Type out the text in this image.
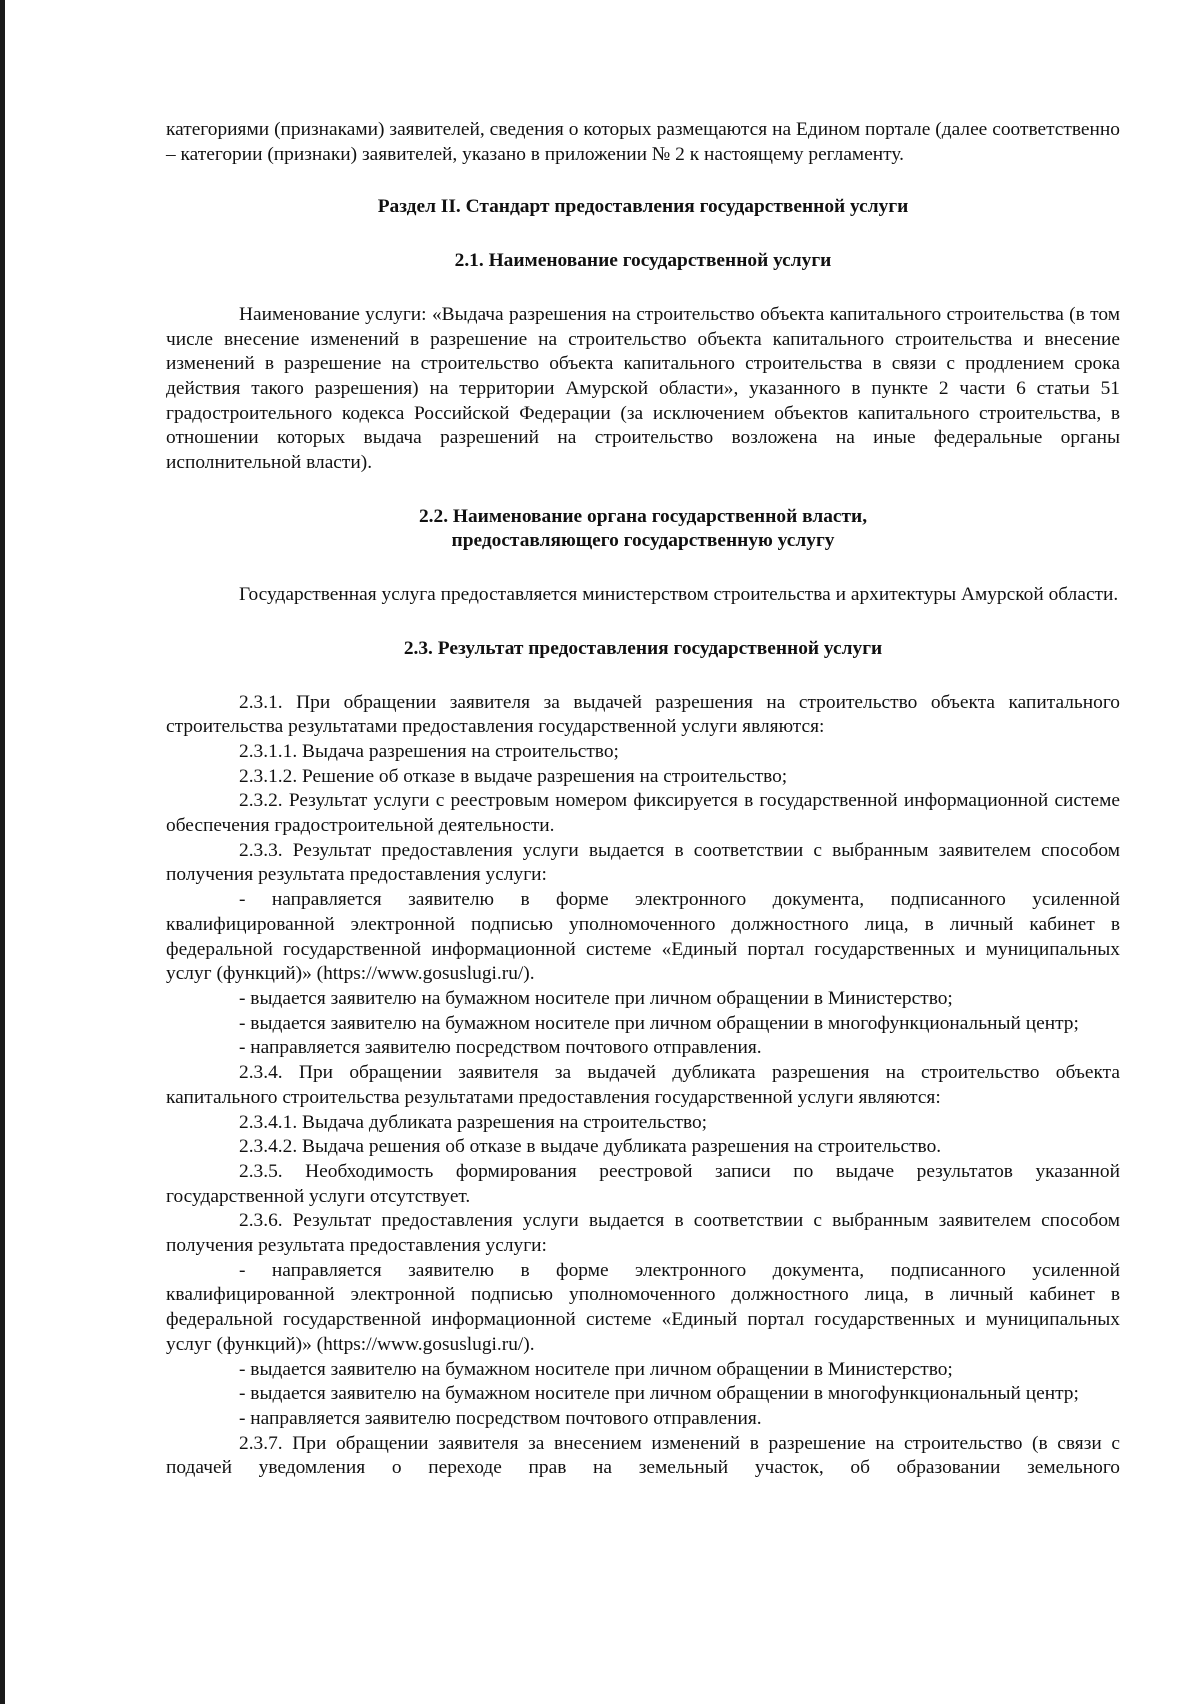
категориями (признаками) заявителей, сведения о которых размещаются на Едином портале (далее соответственно – категории (признаки) заявителей, указано в приложении № 2 к настоящему регламенту.

Раздел II. Стандарт предоставления государственной услуги
2.1. Наименование государственной услуги

Наименование услуги: «Выдача разрешения на строительство объекта капитального строительства (в том числе внесение изменений в разрешение на строительство объекта капитального строительства и внесение изменений в разрешение на строительство объекта капитального строительства в связи с продлением срока действия такого разрешения) на территории Амурской области», указанного в пункте 2 части 6 статьи 51 градостроительного кодекса Российской Федерации (за исключением объектов капитального строительства, в отношении которых выдача разрешений на строительство возложена на иные федеральные органы исполнительной власти).

2.2. Наименование органа государственной власти,
предоставляющего государственную услугу

Государственная услуга предоставляется министерством строительства и архитектуры Амурской области.

2.3. Результат предоставления государственной услуги

2.3.1. При обращении заявителя за выдачей разрешения на строительство объекта капитального строительства результатами предоставления государственной услуги являются:

2.3.1.1. Выдача разрешения на строительство;

2.3.1.2. Решение об отказе в выдаче разрешения на строительство;

2.3.2. Результат услуги с реестровым номером фиксируется в государственной информационной системе обеспечения градостроительной деятельности.

2.3.3. Результат предоставления услуги выдается в соответствии с выбранным заявителем способом получения результата предоставления услуги:

- направляется заявителю в форме электронного документа, подписанного усиленной квалифицированной электронной подписью уполномоченного должностного лица, в личный кабинет в федеральной государственной информационной системе «Единый портал государственных и муниципальных услуг (функций)» (https://www.gosuslugi.ru/).

- выдается заявителю на бумажном носителе при личном обращении в Министерство;

- выдается заявителю на бумажном носителе при личном обращении в многофункциональный центр;

- направляется заявителю посредством почтового отправления.

2.3.4. При обращении заявителя за выдачей дубликата разрешения на строительство объекта капитального строительства результатами предоставления государственной услуги являются:

2.3.4.1. Выдача дубликата разрешения на строительство;

2.3.4.2. Выдача решения об отказе в выдаче дубликата разрешения на строительство.

2.3.5. Необходимость формирования реестровой записи по выдаче результатов указанной государственной услуги отсутствует.

2.3.6. Результат предоставления услуги выдается в соответствии с выбранным заявителем способом получения результата предоставления услуги:

- направляется заявителю в форме электронного документа, подписанного усиленной квалифицированной электронной подписью уполномоченного должностного лица, в личный кабинет в федеральной государственной информационной системе «Единый портал государственных и муниципальных услуг (функций)» (https://www.gosuslugi.ru/).

- выдается заявителю на бумажном носителе при личном обращении в Министерство;

- выдается заявителю на бумажном носителе при личном обращении в многофункциональный центр;

- направляется заявителю посредством почтового отправления.

2.3.7. При обращении заявителя за внесением изменений в разрешение на строительство (в связи с подачей уведомления о переходе прав на земельный участок, об образовании земельного
